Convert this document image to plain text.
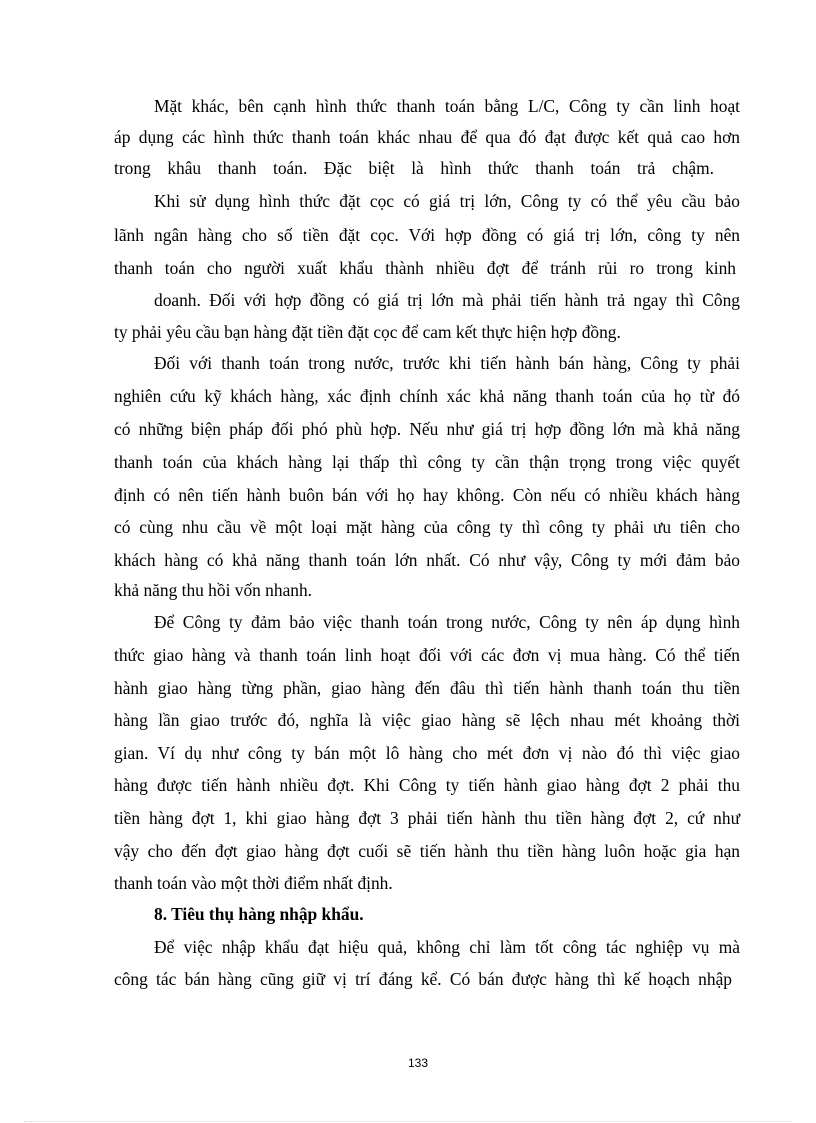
Mặt khác, bên cạnh hình thức thanh toán bằng L/C, Công ty cần linh hoạt
áp dụng các hình thức thanh toán khác nhau để qua đó đạt được kết quả cao hơn
trong khâu thanh toán. Đặc biệt là hình thức thanh toán trả chậm.
Khi sử dụng hình thức đặt cọc có giá trị lớn, Công ty có thể yêu cầu bảo
lãnh ngân hàng cho số tiền đặt cọc. Với hợp đồng có giá trị lớn, công ty nên
thanh toán cho người xuất khẩu thành nhiều đợt để tránh rủi ro trong kinh
doanh. Đối với hợp đồng có giá trị lớn mà phải tiến hành trả ngay thì Công
ty phải yêu cầu bạn hàng đặt tiền đặt cọc để cam kết thực hiện hợp đồng.
Đối với thanh toán trong nước, trước khi tiến hành bán hàng, Công ty phải
nghiên cứu kỹ khách hàng, xác định chính xác khả năng thanh toán của họ từ đó
có những biện pháp đối phó phù hợp. Nếu như giá trị hợp đồng lớn mà khả năng
thanh toán của khách hàng lại thấp thì công ty cần thận trọng trong việc quyết
định có nên tiến hành buôn bán với họ hay không. Còn nếu có nhiều khách hàng
có cùng nhu cầu về một loại mặt hàng của công ty thì công ty phải ưu tiên cho
khách hàng có khả năng thanh toán lớn nhất. Có như vậy, Công ty mới đảm bảo
khả năng thu hồi vốn nhanh.
Để Công ty đảm bảo việc thanh toán trong nước, Công ty nên áp dụng hình
thức giao hàng và thanh toán linh hoạt đối với các đơn vị mua hàng. Có thể tiến
hành giao hàng từng phần, giao hàng đến đâu thì tiến hành thanh toán thu tiền
hàng lần giao trước đó, nghĩa là việc giao hàng sẽ lệch nhau mét khoảng thời
gian. Ví dụ như công ty bán một lô hàng cho mét đơn vị nào đó thì việc giao
hàng được tiến hành nhiều đợt. Khi Công ty tiến hành giao hàng đợt 2 phải thu
tiền hàng đợt 1, khi giao hàng đợt 3 phải tiến hành thu tiền hàng đợt 2, cứ như
vậy cho đến đợt giao hàng đợt cuối sẽ tiến hành thu tiền hàng luôn hoặc gia hạn
thanh toán vào một thời điểm nhất định.
8. Tiêu thụ hàng nhập khẩu.
Để việc nhập khẩu đạt hiệu quả, không chỉ làm tốt công tác nghiệp vụ mà
công tác bán hàng cũng giữ vị trí đáng kể. Có bán được hàng thì kế hoạch nhập
133
